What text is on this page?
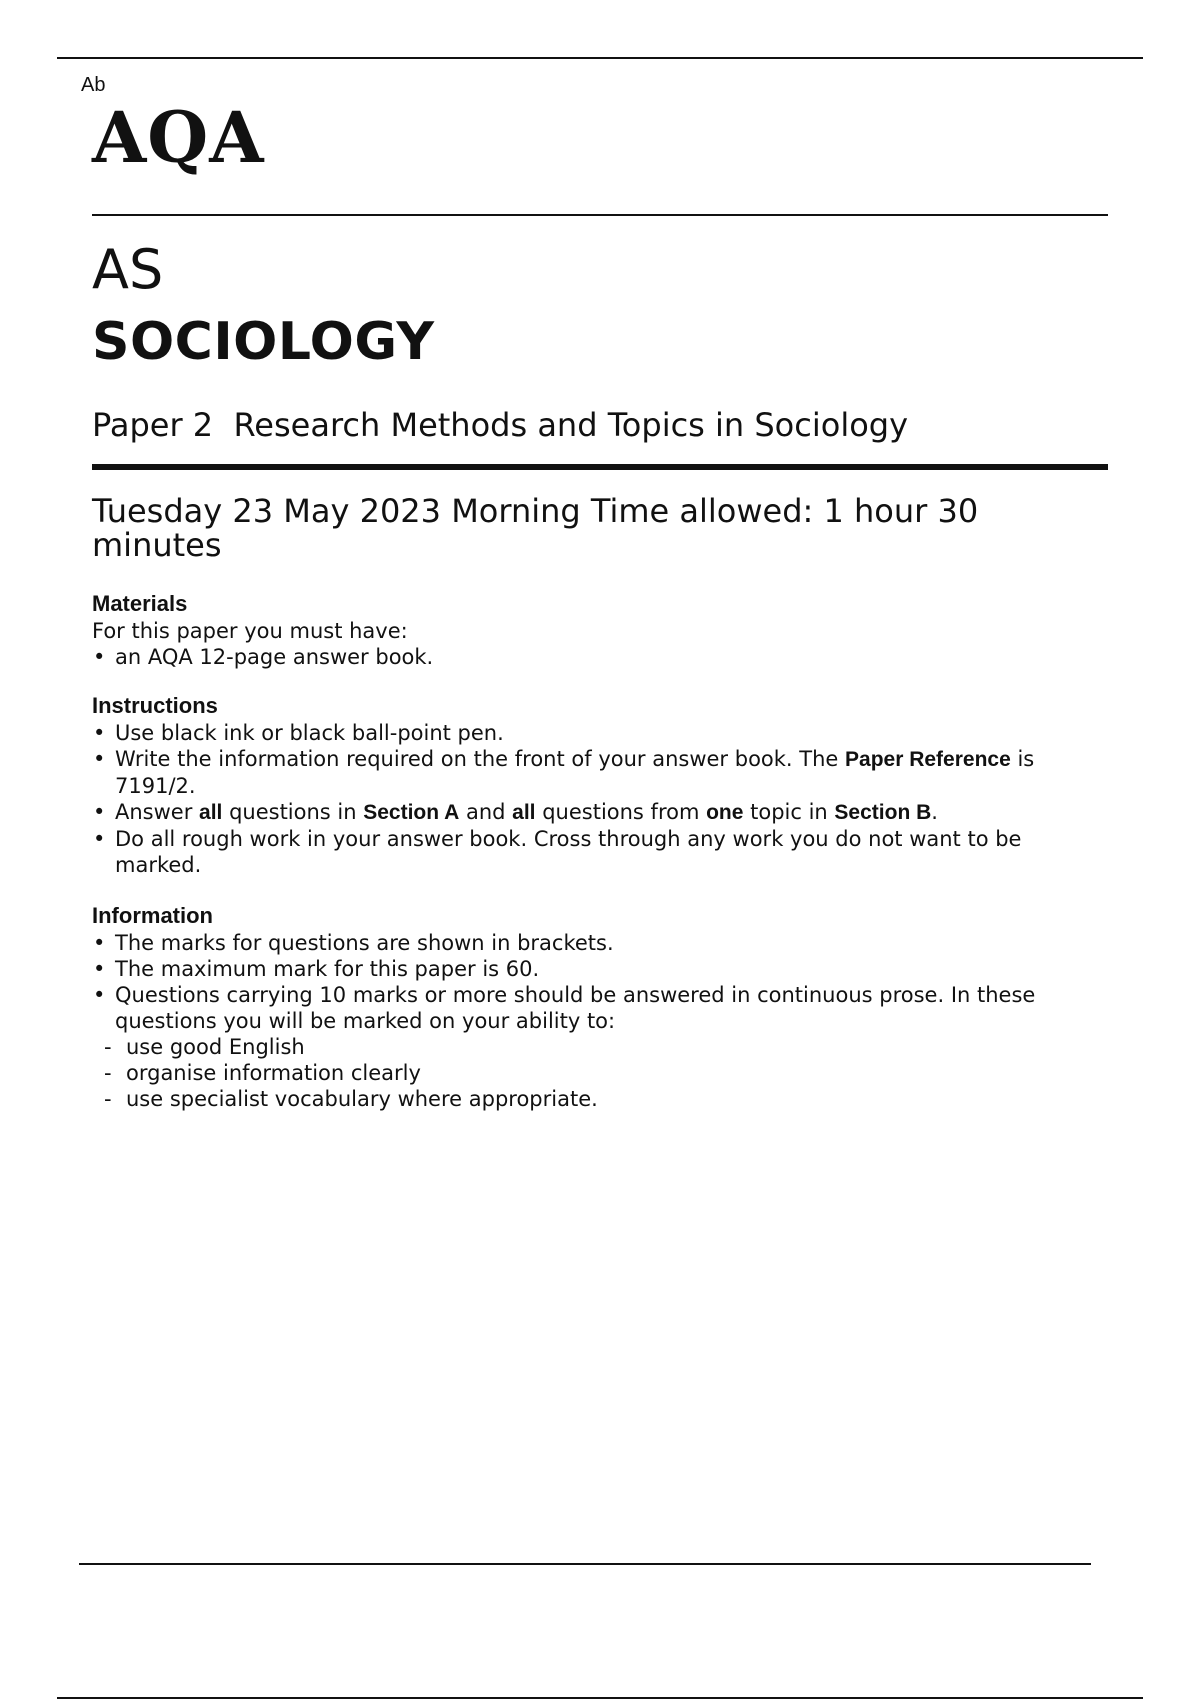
Ab
AQA
AS
SOCIOLOGY
Paper 2 Research Methods and Topics in Sociology
Tuesday 23 May 2023 Morning Time allowed: 1 hour 30 minutes
Materials

For this paper you must have:

• an AQA 12-page answer book.
Instructions
• Use black ink or black ball-point pen.
• Write the information required on the front of your answer book. The Paper Reference is 7191/2.
• Answer all questions in Section A and all questions from one topic in Section B.
• Do all rough work in your answer book. Cross through any work you do not want to be marked.
Information
• The marks for questions are shown in brackets.
• The maximum mark for this paper is 60.
• Questions carrying 10 marks or more should be answered in continuous prose. In these questions you will be marked on your ability to:
- use good English
- organise information clearly
- use specialist vocabulary where appropriate.
